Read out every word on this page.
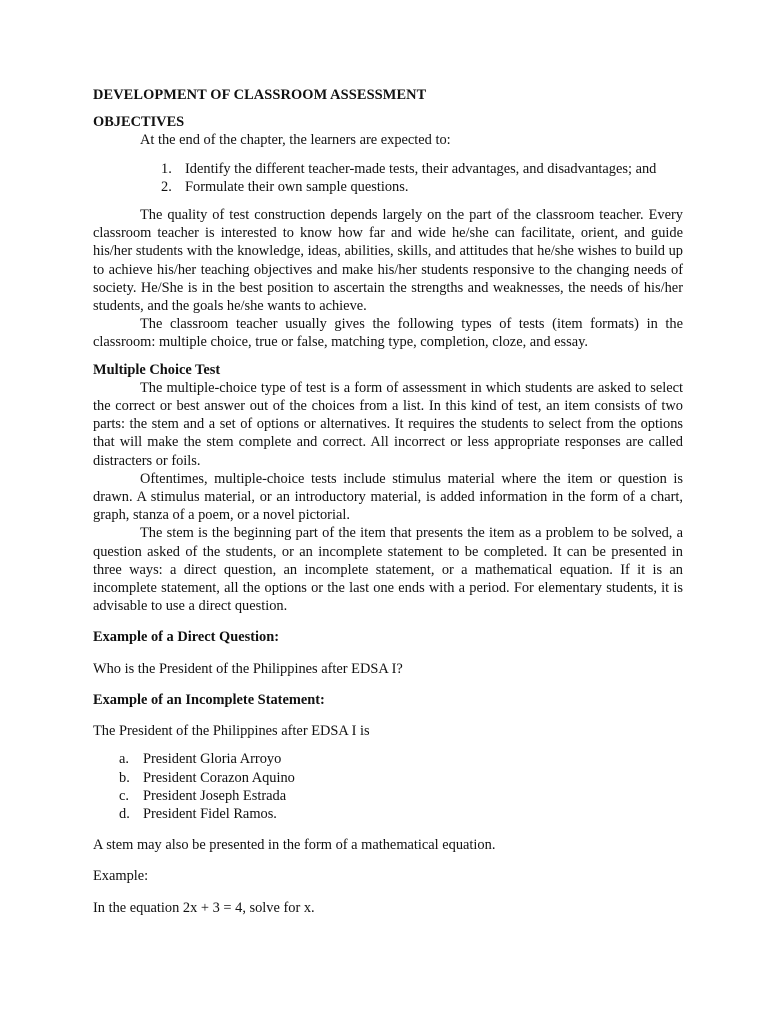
DEVELOPMENT OF CLASSROOM ASSESSMENT
OBJECTIVES
At the end of the chapter, the learners are expected to:
1. Identify the different teacher-made tests, their advantages, and disadvantages; and
2. Formulate their own sample questions.

The quality of test construction depends largely on the part of the classroom teacher. Every classroom teacher is interested to know how far and wide he/she can facilitate, orient, and guide his/her students with the knowledge, ideas, abilities, skills, and attitudes that he/she wishes to build up to achieve his/her teaching objectives and make his/her students responsive to the changing needs of society. He/She is in the best position to ascertain the strengths and weaknesses, the needs of his/her students, and the goals he/she wants to achieve.

The classroom teacher usually gives the following types of tests (item formats) in the classroom: multiple choice, true or false, matching type, completion, cloze, and essay.

Multiple Choice Test

The multiple-choice type of test is a form of assessment in which students are asked to select the correct or best answer out of the choices from a list. In this kind of test, an item consists of two parts: the stem and a set of options or alternatives. It requires the students to select from the options that will make the stem complete and correct. All incorrect or less appropriate responses are called distracters or foils.

Oftentimes, multiple-choice tests include stimulus material where the item or question is drawn. A stimulus material, or an introductory material, is added information in the form of a chart, graph, stanza of a poem, or a novel pictorial.

The stem is the beginning part of the item that presents the item as a problem to be solved, a question asked of the students, or an incomplete statement to be completed. It can be presented in three ways: a direct question, an incomplete statement, or a mathematical equation. If it is an incomplete statement, all the options or the last one ends with a period. For elementary students, it is advisable to use a direct question.

Example of a Direct Question:
Who is the President of the Philippines after EDSA I?
Example of an Incomplete Statement:
The President of the Philippines after EDSA I is
a. President Gloria Arroyo
b. President Corazon Aquino
c. President Joseph Estrada
d. President Fidel Ramos.
A stem may also be presented in the form of a mathematical equation.
Example:
In the equation 2x + 3 = 4, solve for x.
